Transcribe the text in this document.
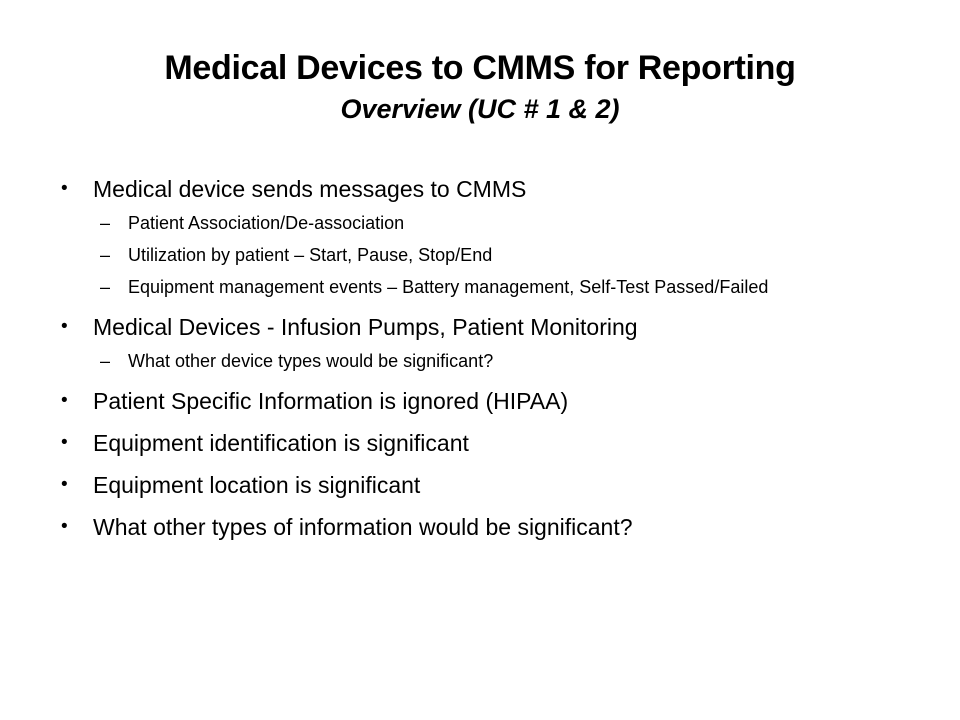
Medical Devices to CMMS for Reporting
Overview (UC # 1 & 2)
• Medical device sends messages to CMMS
– Patient Association/De-association
– Utilization by patient – Start, Pause, Stop/End
– Equipment management events – Battery management, Self-Test Passed/Failed
• Medical Devices - Infusion Pumps, Patient Monitoring
– What other device types would be significant?
• Patient Specific Information is ignored (HIPAA)
• Equipment identification is significant
• Equipment location is significant
• What other types of information would be significant?
